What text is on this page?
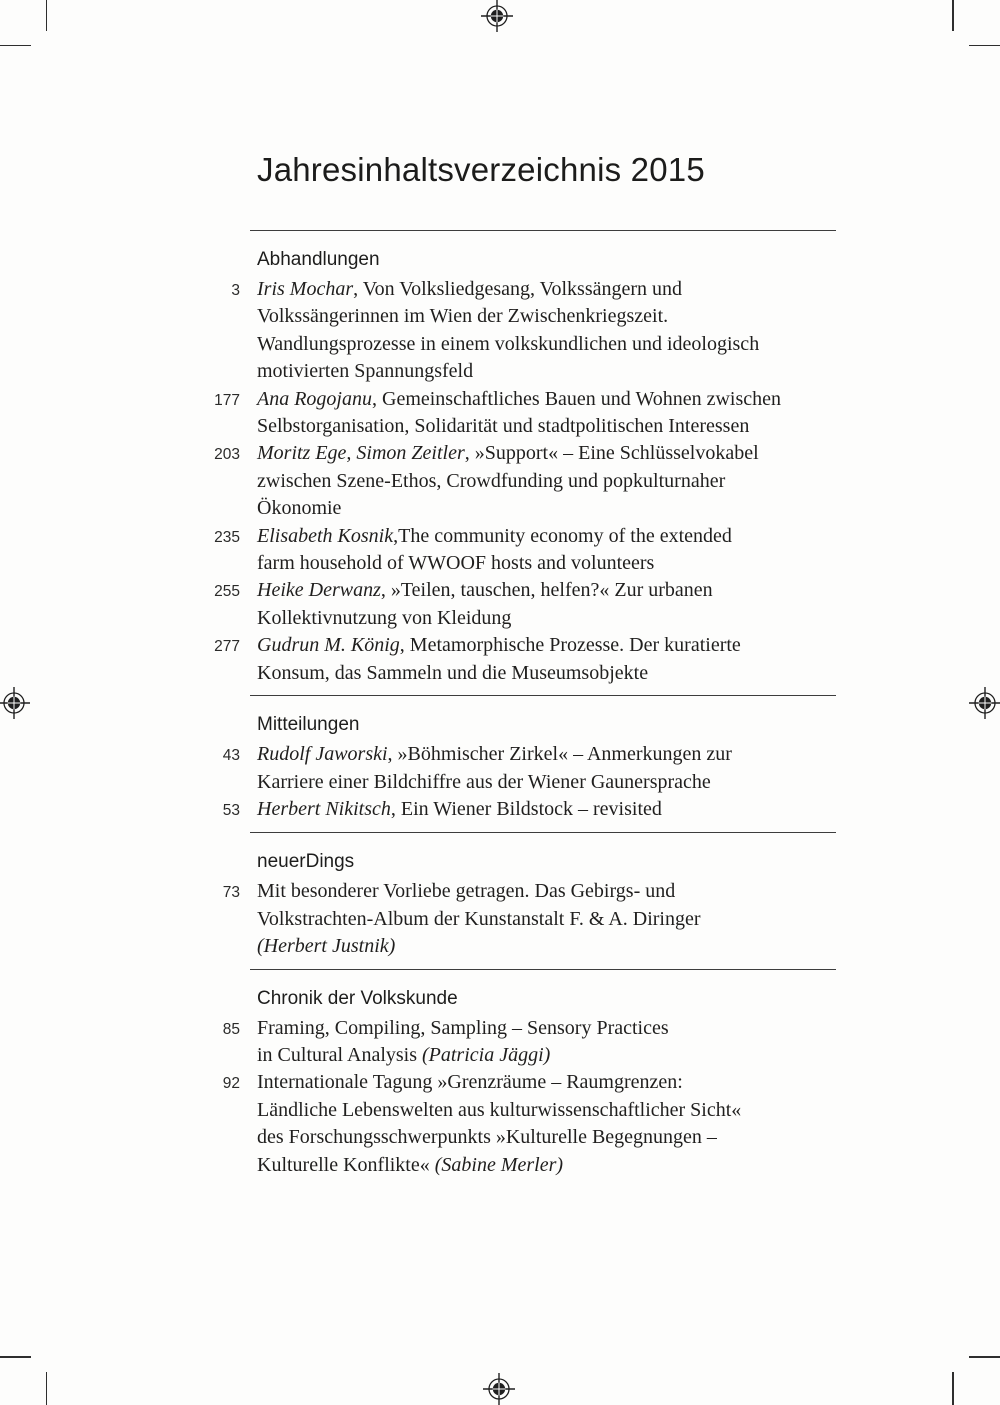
Jahresinhaltsverzeichnis 2015
Abhandlungen
3 Iris Mochar, Von Volksliedgesang, Volkssängern und
Volkssängerinnen im Wien der Zwischenkriegszeit.
Wandlungsprozesse in einem volkskundlichen und ideologisch
motivierten Spannungsfeld
177 Ana Rogojanu, Gemeinschaftliches Bauen und Wohnen zwischen
Selbstorganisation, Solidarität und stadtpolitischen Interessen
203 Moritz Ege, Simon Zeitler, »Support« – Eine Schlüsselvokabel
zwischen Szene-Ethos, Crowdfunding und popkulturnaher
Ökonomie
235 Elisabeth Kosnik,The community economy of the extended
farm household of WWOOF hosts and volunteers
255 Heike Derwanz, »Teilen, tauschen, helfen?« Zur urbanen
Kollektivnutzung von Kleidung
277 Gudrun M. König, Metamorphische Prozesse. Der kuratierte
Konsum, das Sammeln und die Museumsobjekte
Mitteilungen
43 Rudolf Jaworski, »Böhmischer Zirkel« – Anmerkungen zur
Karriere einer Bildchiffre aus der Wiener Gaunersprache
53 Herbert Nikitsch, Ein Wiener Bildstock – revisited
neuerDings
73 Mit besonderer Vorliebe getragen. Das Gebirgs- und
Volkstrachten-Album der Kunstanstalt F. & A. Diringer
(Herbert Justnik)
Chronik der Volkskunde
85 Framing, Compiling, Sampling – Sensory Practices
in Cultural Analysis (Patricia Jäggi)
92 Internationale Tagung »Grenzräume – Raumgrenzen:
Ländliche Lebenswelten aus kulturwissenschaftlicher Sicht«
des Forschungsschwerpunkts »Kulturelle Begegnungen –
Kulturelle Konflikte« (Sabine Merler)
